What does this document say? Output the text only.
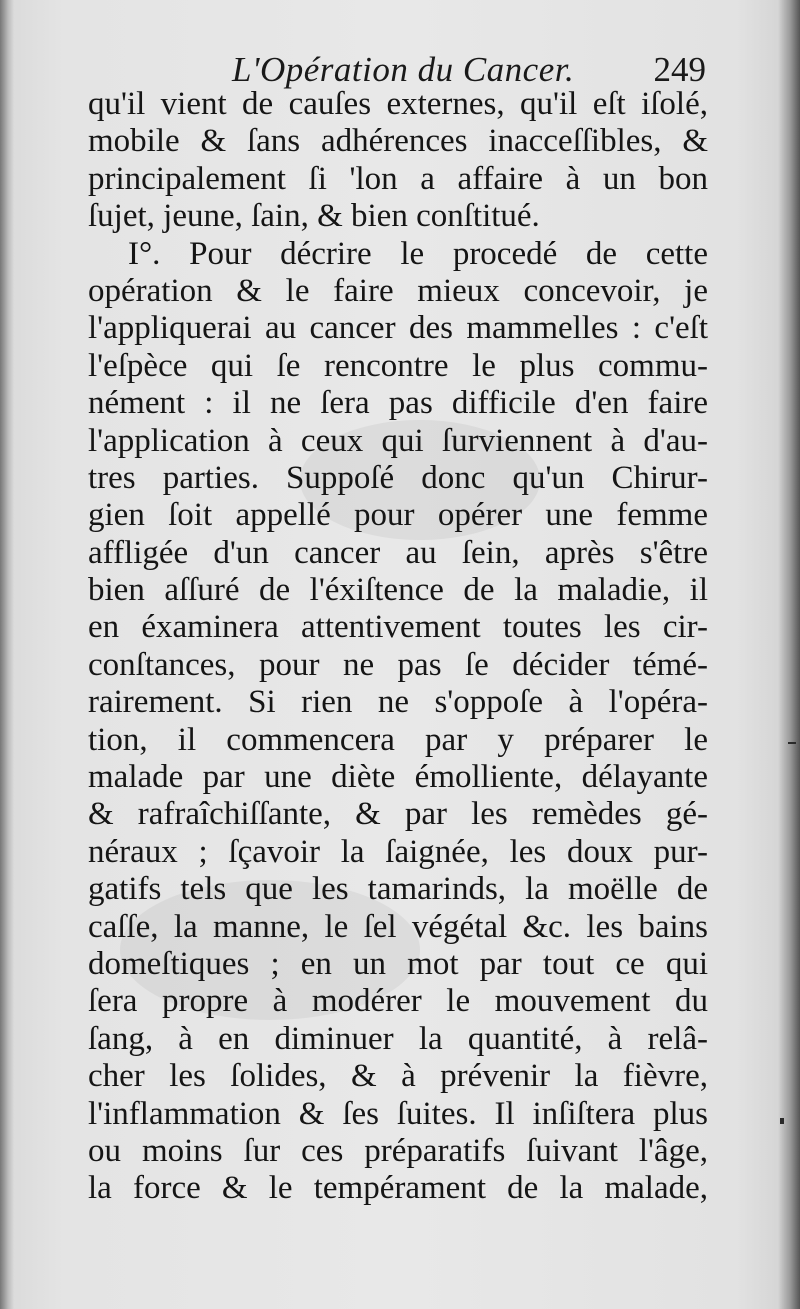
L'Opération du Cancer. 249
qu'il vient de cauſes externes, qu'il eſt iſolé,
mobile & ſans adhérences inacceſſibles, &
principalement ſi 'lon a affaire à un bon
ſujet, jeune, ſain, & bien conſtitué.
I°. Pour décrire le procedé de cette
opération & le faire mieux concevoir, je
l'appliquerai au cancer des mammelles : c'eſt
l'eſpèce qui ſe rencontre le plus commu-
nément : il ne ſera pas difficile d'en faire
l'application à ceux qui ſurviennent à d'au-
tres parties. Suppoſé donc qu'un Chirur-
gien ſoit appellé pour opérer une femme
affligée d'un cancer au ſein, après s'être
bien aſſuré de l'éxiſtence de la maladie, il
en éxaminera attentivement toutes les cir-
conſtances, pour ne pas ſe décider témé-
rairement. Si rien ne s'oppoſe à l'opéra-
tion, il commencera par y préparer le
malade par une diète émolliente, délayante
& rafraîchiſſante, & par les remèdes gé-
néraux ; ſçavoir la ſaignée, les doux pur-
gatifs tels que les tamarinds, la moëlle de
caſſe, la manne, le ſel végétal &c. les bains
domeſtiques ; en un mot par tout ce qui
ſera propre à modérer le mouvement du
ſang, à en diminuer la quantité, à relâ-
cher les ſolides, & à prévenir la fièvre,
l'inflammation & ſes ſuites. Il inſiſtera plus
ou moins ſur ces préparatifs ſuivant l'âge,
la force & le tempérament de la malade,
